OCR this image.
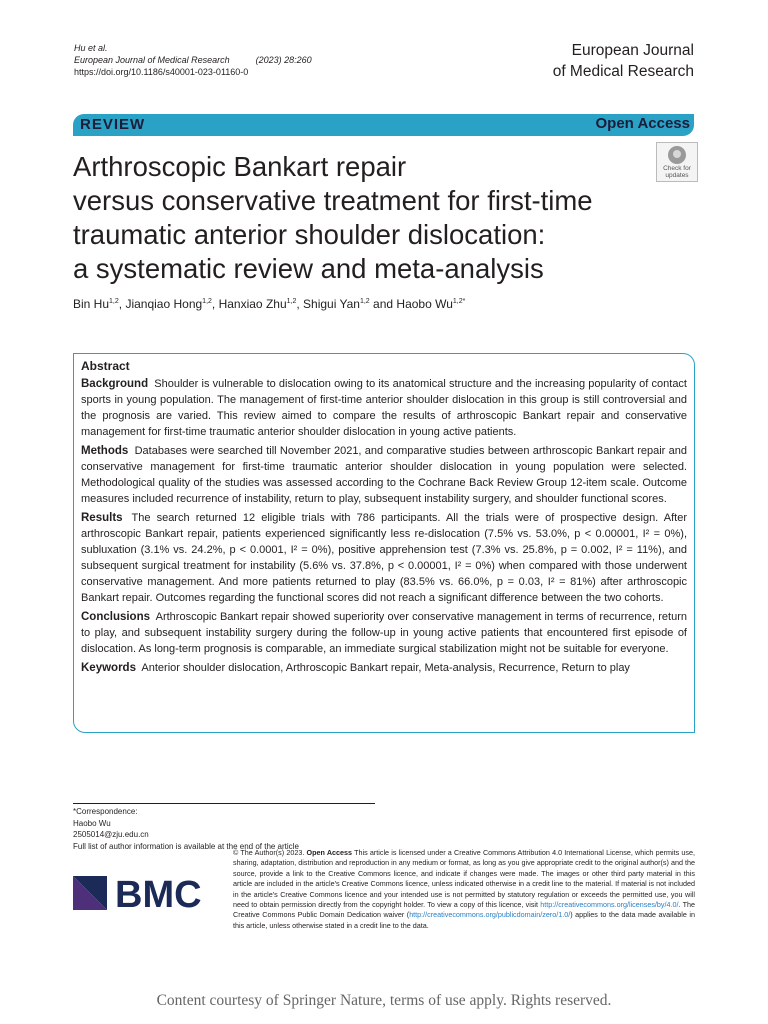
Hu et al.
European Journal of Medical Research	(2023) 28:260
https://doi.org/10.1186/s40001-023-01160-0
European Journal
of Medical Research
REVIEW	Open Access
Check for
updates
Arthroscopic Bankart repair
versus conservative treatment for first-time
traumatic anterior shoulder dislocation:
a systematic review and meta-analysis
Bin Hu$^{1,2}$, Jianqiao Hong$^{1,2}$, Hanxiao Zhu$^{1,2}$, Shigui Yan$^{1,2}$ and Haobo $Wu^{1,2*}$
Abstract

Background Shoulder is vulnerable to dislocation owing to its anatomical structure and the increasing popularity of contact sports in young population. The management of first-time anterior shoulder dislocation in this group is still controversial and the prognosis are varied. This review aimed to compare the results of arthroscopic Bankart repair and conservative management for first-time traumatic anterior shoulder dislocation in young active patients.

Methods Databases were searched till November 2021, and comparative studies between arthroscopic Bankart repair and conservative management for first-time traumatic anterior shoulder dislocation in young population were selected. Methodological quality of the studies was assessed according to the Cochrane Back Review Group 12-item scale. Outcome measures included recurrence of instability, return to play, subsequent instability surgery, and shoulder functional scores.

Results The search returned 12 eligible trials with 786 participants. All the trials were of prospective design. After arthroscopic Bankart repair, patients experienced significantly less re-dislocation (7.5% vs. 53.0%, p < 0.00001, I² = 0%), subluxation (3.1% vs. 24.2%, p < 0.0001, I² = 0%), positive apprehension test (7.3% vs. 25.8%, p = 0.002, I² = 11%), and subsequent surgical treatment for instability (5.6% vs. 37.8%, p < 0.00001, I² = 0%) when compared with those underwent conservative management. And more patients returned to play (83.5% vs. 66.0%, p = 0.03, I² = 81%) after arthroscopic Bankart repair. Outcomes regarding the functional scores did not reach a significant difference between the two cohorts.

Conclusions Arthroscopic Bankart repair showed superiority over conservative management in terms of recurrence, return to play, and subsequent instability surgery during the follow-up in young active patients that encountered first episode of dislocation. As long-term prognosis is comparable, an immediate surgical stabilization might not be suitable for everyone.

Keywords Anterior shoulder dislocation, Arthroscopic Bankart repair, Meta-analysis, Recurrence, Return to play

*Correspondence:
Haobo Wu
2505014@zju.edu.cn
Full list of author information is available at the end of the article
BMC
© The Author(s) 2023. Open Access This article is licensed under a Creative Commons Attribution 4.0 International License, which permits use, sharing, adaptation, distribution and reproduction in any medium or format, as long as you give appropriate credit to the original author(s) and the source, provide a link to the Creative Commons licence, and indicate if changes were made. The images or other third party material in this article are included in the article's Creative Commons licence, unless indicated otherwise in a credit line to the material. If material is not included in the article's Creative Commons licence and your intended use is not permitted by statutory regulation or exceeds the permitted use, you will need to obtain permission directly from the copyright holder. To view a copy of this licence, visit http://creativecommons.org/licenses/by/4.0/. The Creative Commons Public Domain Dedication waiver (http://creativecommons.org/publicdomain/zero/1.0/) applies to the data made available in this article, unless otherwise stated in a credit line to the data.
Content courtesy of Springer Nature, terms of use apply. Rights reserved.
